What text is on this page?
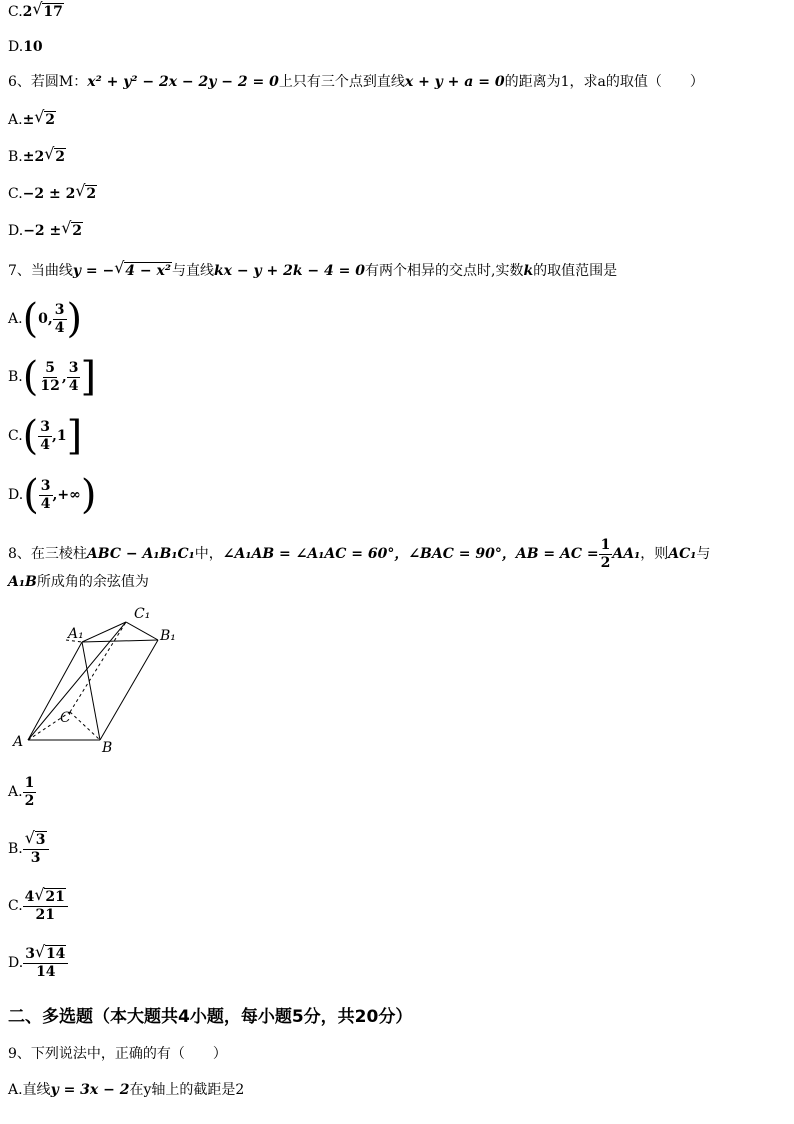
C.2 √ 17
D.10
6、若圆M：x² + y² − 2x − 2y − 2 = 0上只有三个点到直线x + y + a = 0的距离为1，求a的取值（　　）
A.± √ 2
B.±2 √ 2
C.−2 ± 2 √ 2
D.−2 ± √ 2
7、当曲线y = − √ 4 − x²与直线kx − y + 2k − 4 = 0有两个相异的交点时,实数k的取值范围是
A.(0, $\frac{3}{4}$ )
$B.( \frac{5}{12}$ , $\frac{3}{4}$ ]
$C.( \frac{3}{4} ,1]$
$D.( \frac{3}{4}$ ,+∞)
8、在三棱柱ABC − A₁B₁C₁中，∠A₁AB = ∠A₁AC = 60°，∠BAC = 90°，AB = AC = $\frac{1}{2} AA_1$，则AC₁与
A₁B所成角的余弦值为
A	B
C
A₁	B₁
C₁
A. $\frac{1}{2}$
B. √ $\frac{3}{3}$
C. $\frac{4 √ 21}{21}$
D. $\frac{3 √ 14}{14}$
二、多选题（本大题共4小题，每小题5分，共20分）
9、下列说法中，正确的有（　　）
A.直线y = 3x − 2在y轴上的截距是2
